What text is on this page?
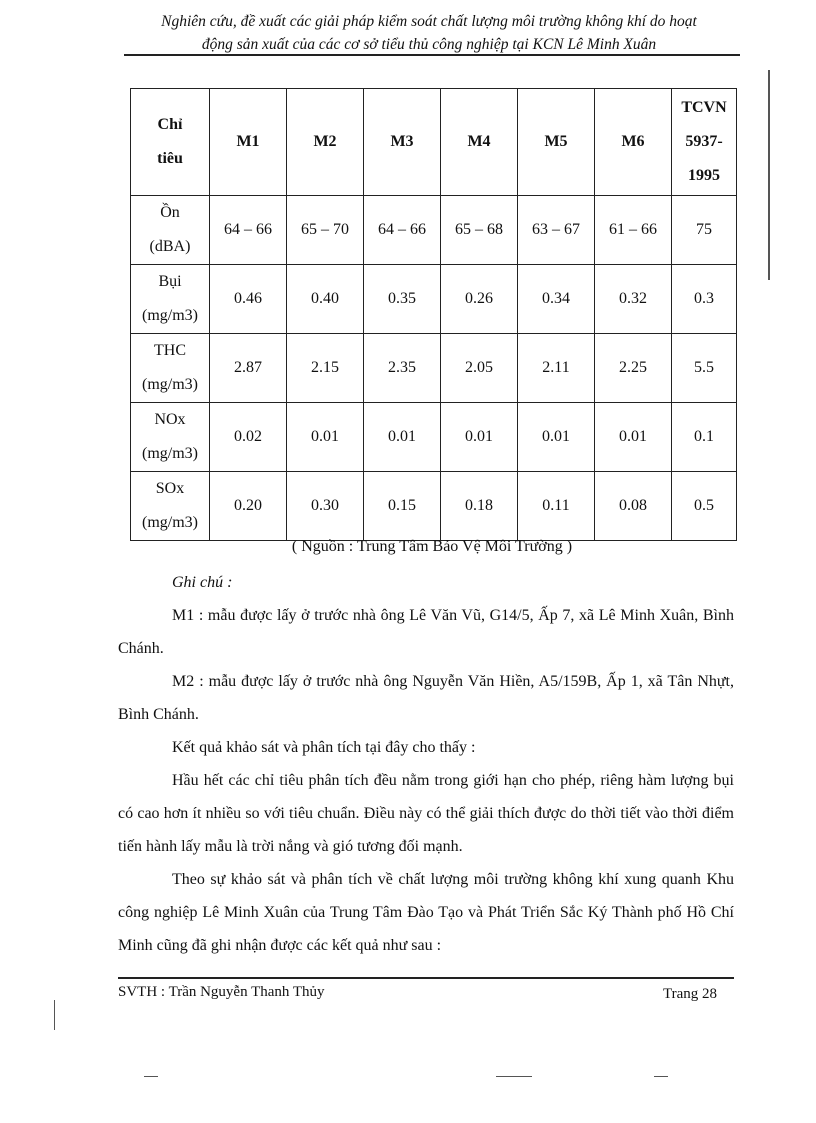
Nghiên cứu, đề xuất các giải pháp kiểm soát chất lượng môi trường không khí do hoạt
động sản xuất của các cơ sở tiểu thủ công nghiệp tại KCN Lê Minh Xuân
Chỉ
tiêu	M1	M2	M3	M4	M5	M6	TCVN
5937-
1995

Ồn
(dBA)	64 – 66	65 – 70	64 – 66	65 – 68	63 – 67	61 – 66	75

Bụi
(mg/m3)	0.46	0.40	0.35	0.26	0.34	0.32	0.3

THC
(mg/m3)	2.87	2.15	2.35	2.05	2.11	2.25	5.5

NOx
(mg/m3)	0.02	0.01	0.01	0.01	0.01	0.01	0.1

SOx
(mg/m3)	0.20	0.30	0.15	0.18	0.11	0.08	0.5
( Nguồn : Trung Tâm Bảo Vệ Môi Trường )

Ghi chú :

M1 : mẫu được lấy ở trước nhà ông Lê Văn Vũ, G14/5, Ấp 7, xã Lê Minh Xuân, Bình Chánh.

M2 : mẫu được lấy ở trước nhà ông Nguyễn Văn Hiền, A5/159B, Ấp 1, xã Tân Nhựt, Bình Chánh.

Kết quả khảo sát và phân tích tại đây cho thấy :

Hầu hết các chỉ tiêu phân tích đều nằm trong giới hạn cho phép, riêng hàm lượng bụi có cao hơn ít nhiều so với tiêu chuẩn. Điều này có thể giải thích được do thời tiết vào thời điểm tiến hành lấy mẫu là trời nắng và gió tương đối mạnh.

Theo sự khảo sát và phân tích về chất lượng môi trường không khí xung quanh Khu công nghiệp Lê Minh Xuân của Trung Tâm Đào Tạo và Phát Triển Sắc Ký Thành phố Hồ Chí Minh cũng đã ghi nhận được các kết quả như sau :

SVTH : Trần Nguyễn Thanh Thủy	Trang 28
